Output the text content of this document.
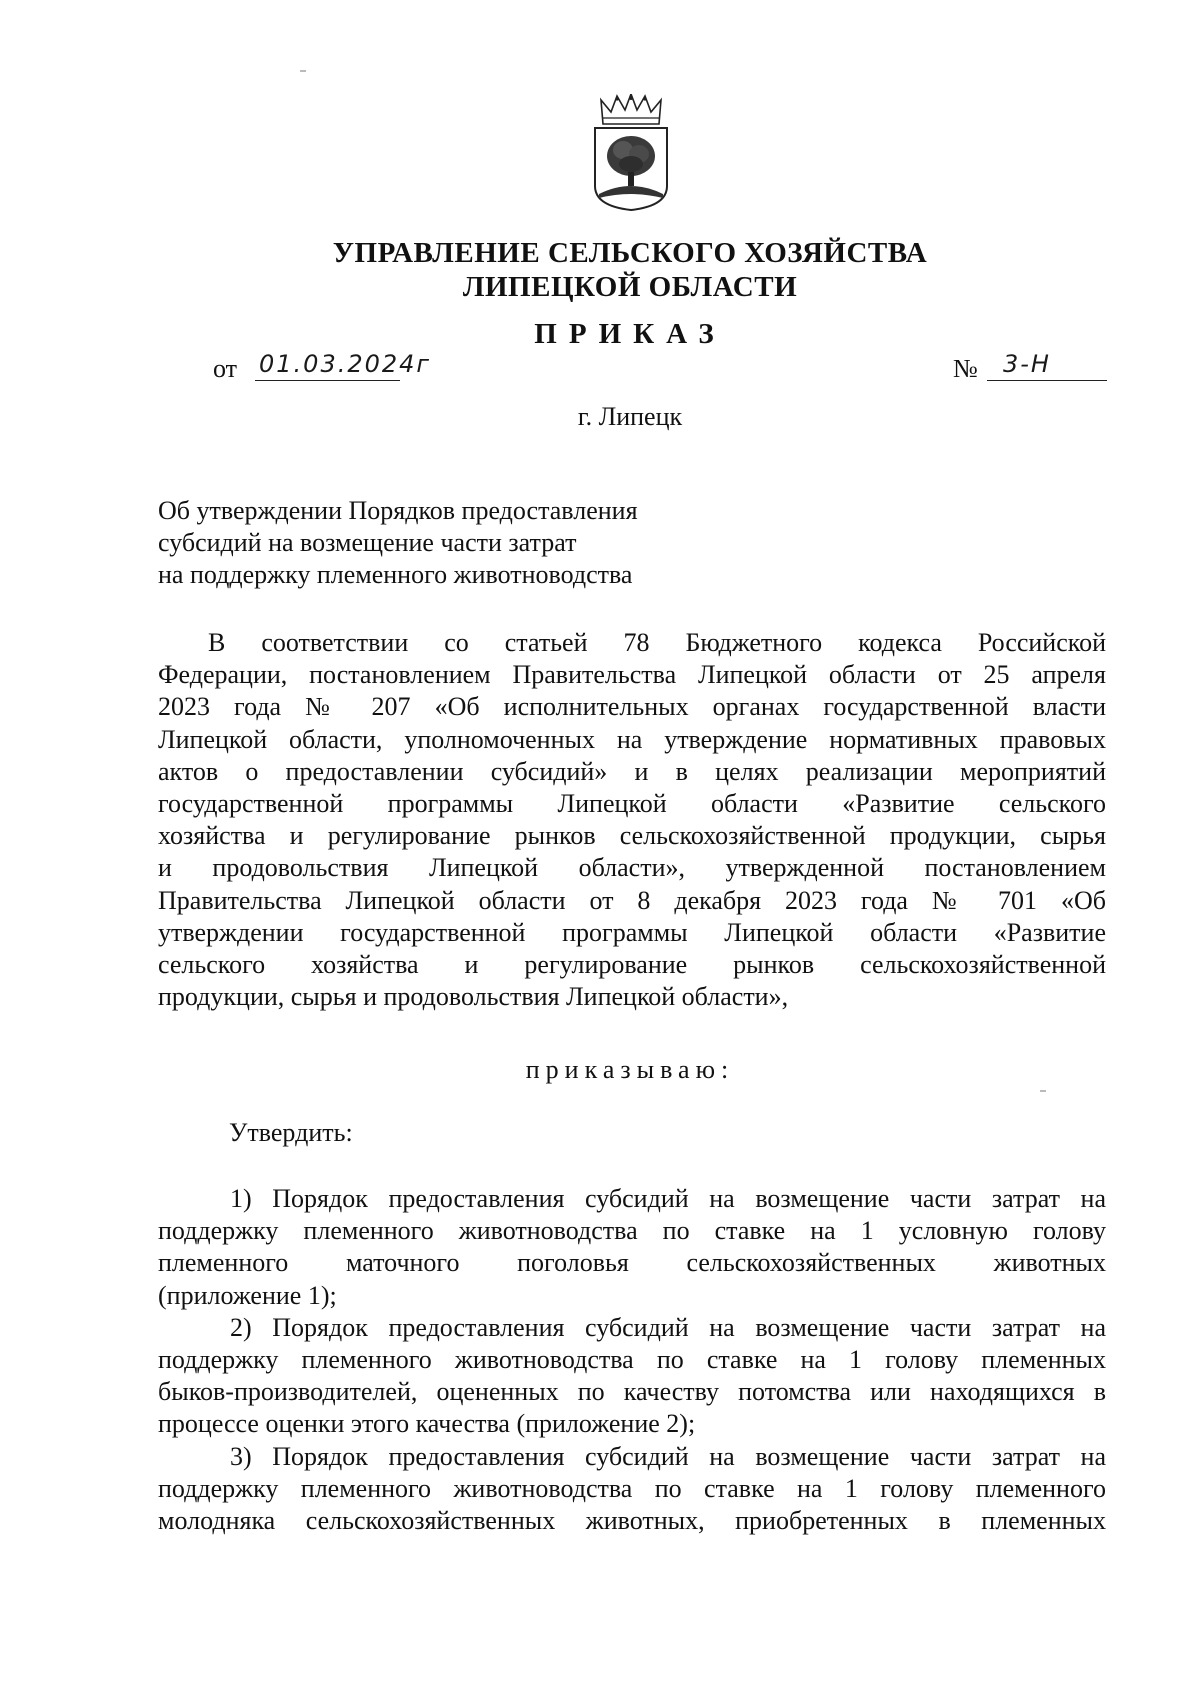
УПРАВЛЕНИЕ СЕЛЬСКОГО ХОЗЯЙСТВА
ЛИПЕЦКОЙ ОБЛАСТИ
ПРИКАЗ
от 01.03.2024г	№ 3-Н
г. Липецк
Об утверждении Порядков предоставления
субсидий на возмещение части затрат
на поддержку племенного животноводства
В соответствии со статьей 78 Бюджетного кодекса Российской
Федерации, постановлением Правительства Липецкой области от 25 апреля
2023 года № 207 «Об исполнительных органах государственной власти
Липецкой области, уполномоченных на утверждение нормативных правовых
актов о предоставлении субсидий» и в целях реализации мероприятий
государственной программы Липецкой области «Развитие сельского
хозяйства и регулирование рынков сельскохозяйственной продукции, сырья
и продовольствия Липецкой области», утвержденной постановлением
Правительства Липецкой области от 8 декабря 2023 года № 701 «Об
утверждении государственной программы Липецкой области «Развитие
сельского хозяйства и регулирование рынков сельскохозяйственной
продукции, сырья и продовольствия Липецкой области»,
приказываю:
Утвердить:
1) Порядок предоставления субсидий на возмещение части затрат на
поддержку племенного животноводства по ставке на 1 условную голову
племенного маточного поголовья сельскохозяйственных животных
(приложение 1);
2) Порядок предоставления субсидий на возмещение части затрат на
поддержку племенного животноводства по ставке на 1 голову племенных
быков-производителей, оцененных по качеству потомства или находящихся в
процессе оценки этого качества (приложение 2);
3) Порядок предоставления субсидий на возмещение части затрат на
поддержку племенного животноводства по ставке на 1 голову племенного
молодняка сельскохозяйственных животных, приобретенных в племенных
